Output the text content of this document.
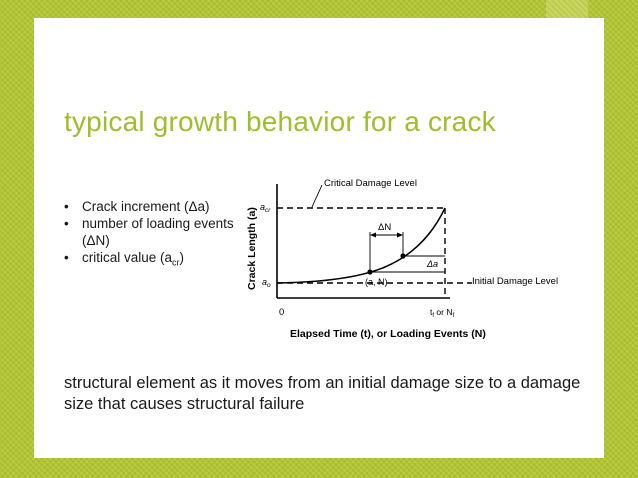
typical growth behavior for a crack
• Crack increment (Δa)
• number of loading events (ΔN)
• critical value $(a_{cr})$
Critical Damage Level
Initial Damage Level
Crack Length (a)
Elapsed Time (t), or Loading Events (N)
$a_{cr}$
$a_o$
0	$t_f$ or $N_f$
ΔN
Δa
(a, N)
structural element as it moves from an initial damage size to a damage size that causes structural failure
